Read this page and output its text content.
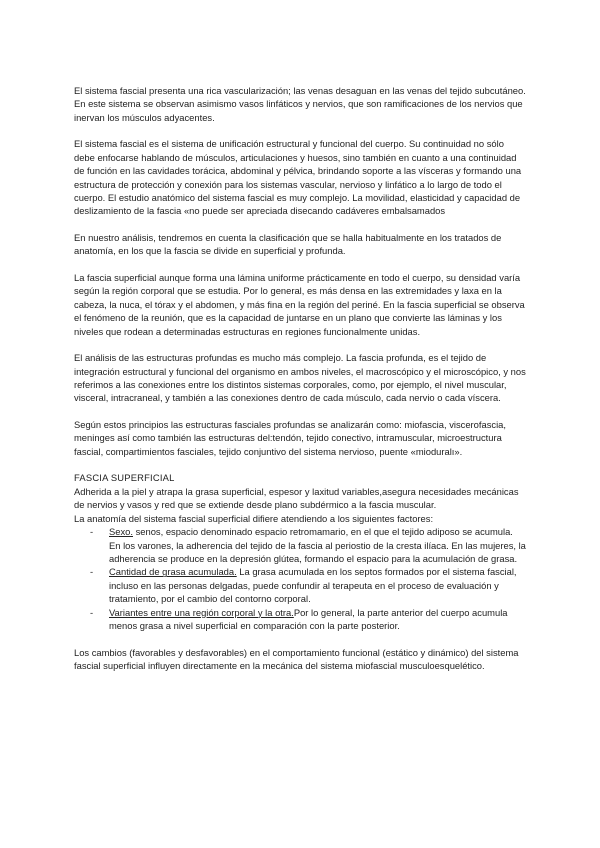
El sistema fascial presenta una rica vascularización; las venas desaguan en las venas del tejido subcutáneo. En este sistema se observan asimismo vasos linfáticos y nervios, que son ramificaciones de los nervios que inervan los músculos adyacentes.

El sistema fascial es el sistema de unificación estructural y funcional del cuerpo. Su continuidad no sólo debe enfocarse hablando de músculos, articulaciones y huesos, sino también en cuanto a una continuidad de función en las cavidades torácica, abdominal y pélvica, brindando soporte a las vísceras y formando una estructura de protección y conexión para los sistemas vascular, nervioso y linfático a lo largo de todo el cuerpo. El estudio anatómico del sistema fascial es muy complejo. La movilidad, elasticidad y capacidad de deslizamiento de la fascia «no puede ser apreciada disecando cadáveres embalsamados

En nuestro análisis, tendremos en cuenta la clasificación que se halla habitualmente en los tratados de anatomía, en los que la fascia se divide en superficial y profunda.

La fascia superficial aunque forma una lámina uniforme prácticamente en todo el cuerpo, su densidad varía según la región corporal que se estudia. Por lo general, es más densa en las extremidades y laxa en la cabeza, la nuca, el tórax y el abdomen, y más fina en la región del periné. En la fascia superficial se observa el fenómeno de la reunión, que es la capacidad de juntarse en un plano que convierte las láminas y los niveles que rodean a determinadas estructuras en regiones funcionalmente unidas.

El análisis de las estructuras profundas es mucho más complejo. La fascia profunda, es el tejido de integración estructural y funcional del organismo en ambos niveles, el macroscópico y el microscópico, y nos referimos a las conexiones entre los distintos sistemas corporales, como, por ejemplo, el nivel muscular, visceral, intracraneal, y también a las conexiones dentro de cada músculo, cada nervio o cada víscera.

Según estos principios las estructuras fasciales profundas se analizarán como: miofascia, viscerofascia, meninges así como también las estructuras del:tendón, tejido conectivo, intramuscular, microestructura fascial, compartimientos fasciales, tejido conjuntivo del sistema nervioso, puente «mioduralı».

FASCIA SUPERFICIAL

Adherida a la piel y atrapa la grasa superficial, espesor y laxitud variables,asegura necesidades mecánicas de nervios y vasos y red que se extiende desde plano subdérmico a la fascia muscular.

La anatomía del sistema fascial superficial difiere atendiendo a los siguientes factores:

- Sexo. senos, espacio denominado espacio retromamario, en el que el tejido adiposo se acumula. En los varones, la adherencia del tejido de la fascia al periostio de la cresta ilíaca. En las mujeres, la adherencia se produce en la depresión glútea, formando el espacio para la acumulación de grasa.
- Cantidad de grasa acumulada. La grasa acumulada en los septos formados por el sistema fascial, incluso en las personas delgadas, puede confundir al terapeuta en el proceso de evaluación y tratamiento, por el cambio del contorno corporal.
- Variantes entre una región corporal y la otra.Por lo general, la parte anterior del cuerpo acumula menos grasa a nivel superficial en comparación con la parte posterior.

Los cambios (favorables y desfavorables) en el comportamiento funcional (estático y dinámico) del sistema fascial superficial influyen directamente en la mecánica del sistema miofascial musculoesquelético.
